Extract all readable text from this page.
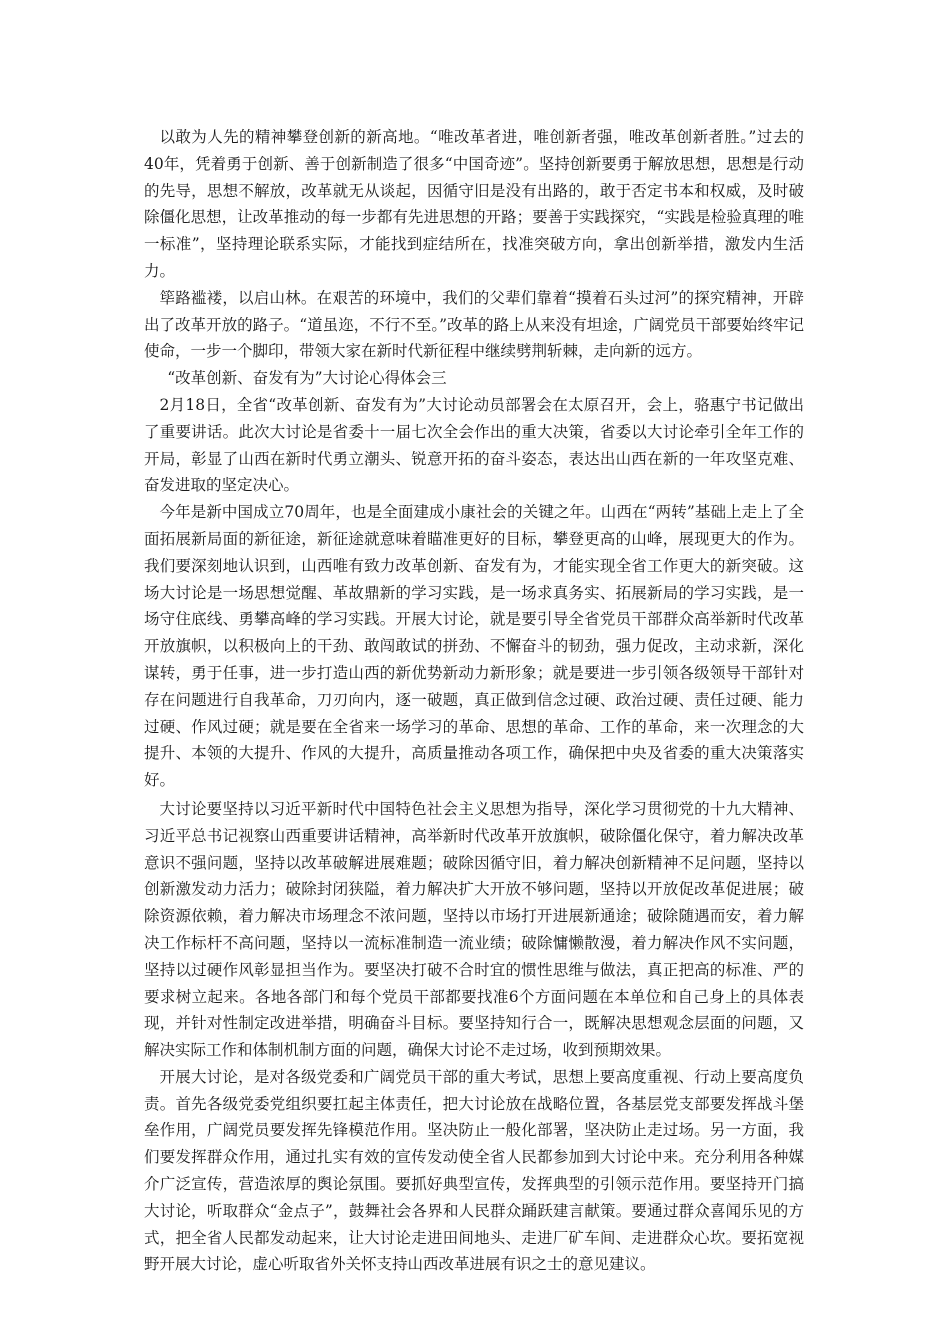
以敢为人先的精神攀登创新的新高地。“唯改革者进，唯创新者强，唯改革创新者胜。”过去的40年，凭着勇于创新、善于创新制造了很多“中国奇迹”。坚持创新要勇于解放思想，思想是行动的先导，思想不解放，改革就无从谈起，因循守旧是没有出路的，敢于否定书本和权威，及时破除僵化思想，让改革推动的每一步都有先进思想的开路；要善于实践探究，“实践是检验真理的唯一标准”，坚持理论联系实际，才能找到症结所在，找准突破方向，拿出创新举措，激发内生活力。

筚路褴褛，以启山林。在艰苦的环境中，我们的父辈们靠着“摸着石头过河”的探究精神，开辟出了改革开放的路子。“道虽迩，不行不至。”改革的路上从来没有坦途，广阔党员干部要始终牢记使命，一步一个脚印，带领大家在新时代新征程中继续劈荆斩棘，走向新的远方。

“改革创新、奋发有为”大讨论心得体会三

2月18日，全省“改革创新、奋发有为”大讨论动员部署会在太原召开，会上，骆惠宁书记做出了重要讲话。此次大讨论是省委十一届七次全会作出的重大决策，省委以大讨论牵引全年工作的开局，彰显了山西在新时代勇立潮头、锐意开拓的奋斗姿态，表达出山西在新的一年攻坚克难、奋发进取的坚定决心。

今年是新中国成立70周年，也是全面建成小康社会的关键之年。山西在“两转”基础上走上了全面拓展新局面的新征途，新征途就意味着瞄准更好的目标，攀登更高的山峰，展现更大的作为。我们要深刻地认识到，山西唯有致力改革创新、奋发有为，才能实现全省工作更大的新突破。这场大讨论是一场思想觉醒、革故鼎新的学习实践，是一场求真务实、拓展新局的学习实践，是一场守住底线、勇攀高峰的学习实践。开展大讨论，就是要引导全省党员干部群众高举新时代改革开放旗帜，以积极向上的干劲、敢闯敢试的拼劲、不懈奋斗的韧劲，强力促改，主动求新，深化谋转，勇于任事，进一步打造山西的新优势新动力新形象；就是要进一步引领各级领导干部针对存在问题进行自我革命，刀刃向内，逐一破题，真正做到信念过硬、政治过硬、责任过硬、能力过硬、作风过硬；就是要在全省来一场学习的革命、思想的革命、工作的革命，来一次理念的大提升、本领的大提升、作风的大提升，高质量推动各项工作，确保把中央及省委的重大决策落实好。

大讨论要坚持以习近平新时代中国特色社会主义思想为指导，深化学习贯彻党的十九大精神、习近平总书记视察山西重要讲话精神，高举新时代改革开放旗帜，破除僵化保守，着力解决改革意识不强问题，坚持以改革破解进展难题；破除因循守旧，着力解决创新精神不足问题，坚持以创新激发动力活力；破除封闭狭隘，着力解决扩大开放不够问题，坚持以开放促改革促进展；破除资源依赖，着力解决市场理念不浓问题，坚持以市场打开进展新通途；破除随遇而安，着力解决工作标杆不高问题，坚持以一流标准制造一流业绩；破除慵懒散漫，着力解决作风不实问题，坚持以过硬作风彰显担当作为。要坚决打破不合时宜的惯性思维与做法，真正把高的标准、严的要求树立起来。各地各部门和每个党员干部都要找准6个方面问题在本单位和自己身上的具体表现，并针对性制定改进举措，明确奋斗目标。要坚持知行合一，既解决思想观念层面的问题，又解决实际工作和体制机制方面的问题，确保大讨论不走过场，收到预期效果。

开展大讨论，是对各级党委和广阔党员干部的重大考试，思想上要高度重视、行动上要高度负责。首先各级党委党组织要扛起主体责任，把大讨论放在战略位置，各基层党支部要发挥战斗堡垒作用，广阔党员要发挥先锋模范作用。坚决防止一般化部署，坚决防止走过场。另一方面，我们要发挥群众作用，通过扎实有效的宣传发动使全省人民都参加到大讨论中来。充分利用各种媒介广泛宣传，营造浓厚的舆论氛围。要抓好典型宣传，发挥典型的引领示范作用。要坚持开门搞大讨论，听取群众“金点子”，鼓舞社会各界和人民群众踊跃建言献策。要通过群众喜闻乐见的方式，把全省人民都发动起来，让大讨论走进田间地头、走进厂矿车间、走进群众心坎。要拓宽视野开展大讨论，虚心听取省外关怀支持山西改革进展有识之士的意见建议。
